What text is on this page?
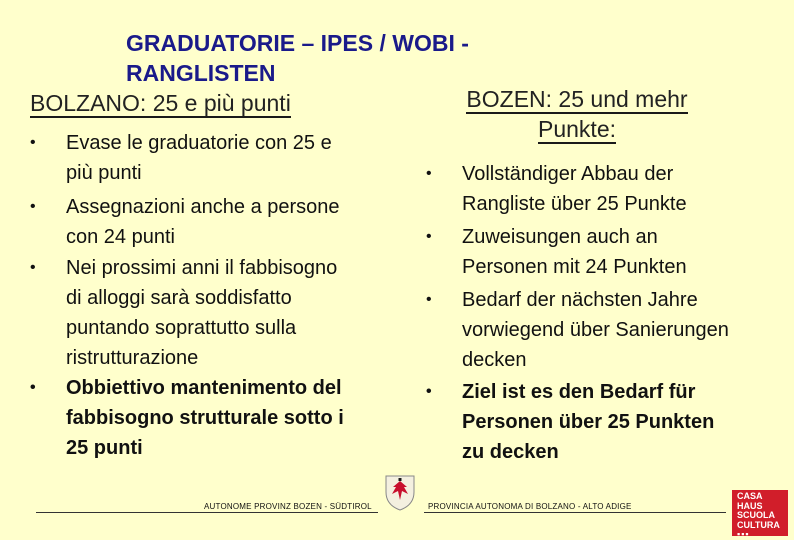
GRADUATORIE – IPES / WOBI -
RANGLISTEN
BOLZANO: 25 e più punti	BOZEN: 25 und mehr
Punkte:
• Evase le graduatorie con 25 e
più punti
• Assegnazioni anche a persone
con 24 punti
• Nei prossimi anni il fabbisogno
di alloggi sarà soddisfatto
puntando soprattutto sulla
ristrutturazione
• Obbiettivo mantenimento del
fabbisogno strutturale sotto i
25 punti
• Vollständiger Abbau der
Rangliste über 25 Punkte
• Zuweisungen auch an
Personen mit 24 Punkten
• Bedarf der nächsten Jahre
vorwiegend über Sanierungen
decken
• Ziel ist es den Bedarf für
Personen über 25 Punkten
zu decken
AUTONOME PROVINZ BOZEN - SÜDTIROL	PROVINCIA AUTONOMA DI BOLZANO - ALTO ADIGE
CASA
HAUS
SCUOLA
CULTURA
▪▪▪
